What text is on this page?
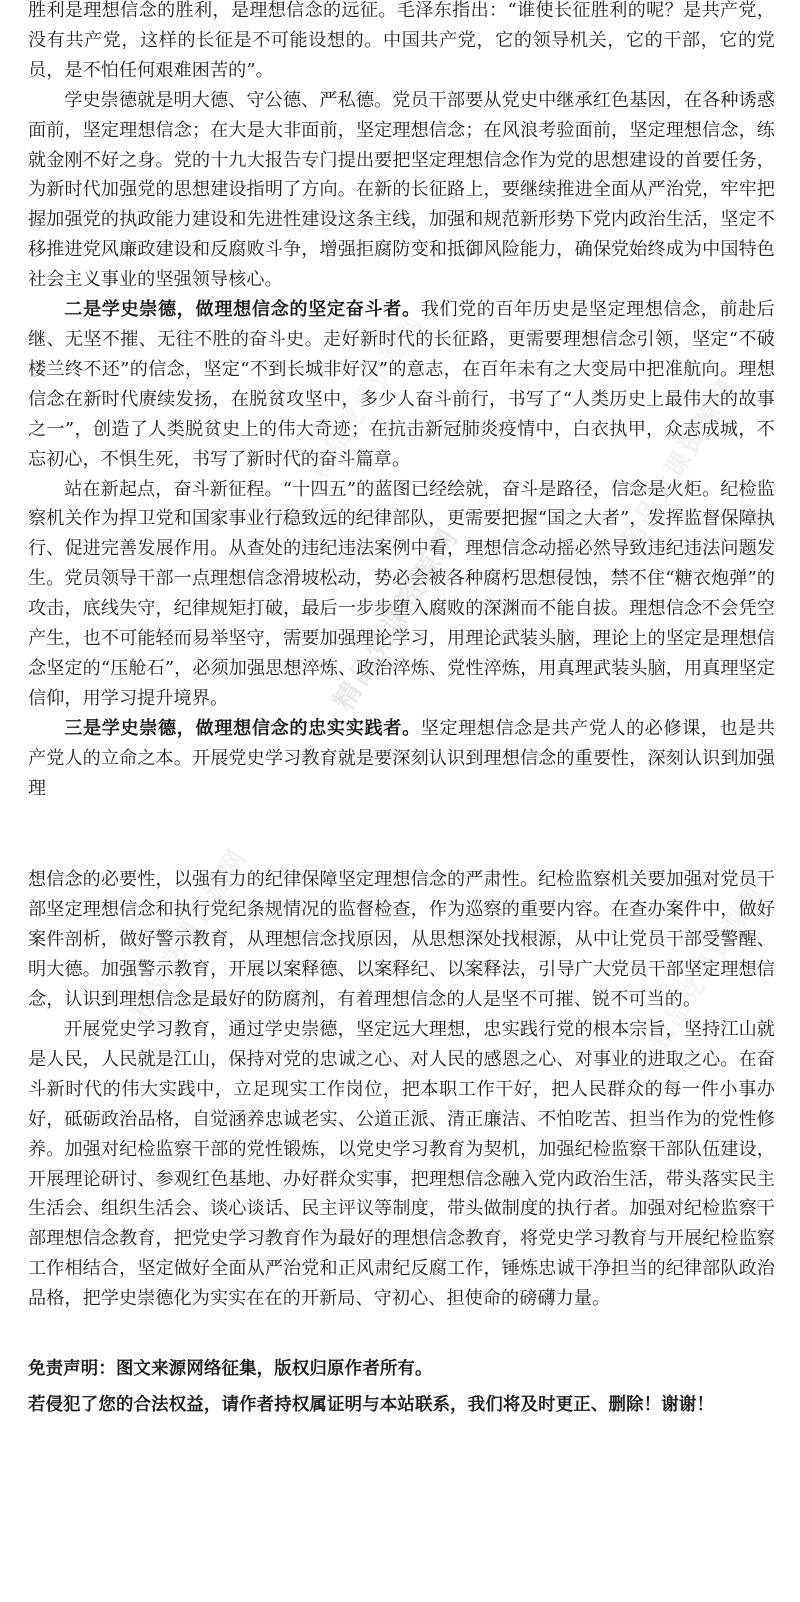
精品党课资源网
精品党课资源网
精品党课资源网

胜利是理想信念的胜利，是理想信念的远征。毛泽东指出：“谁使长征胜利的呢？是共产党，没有共产党，这样的长征是不可能设想的。中国共产党，它的领导机关，它的干部，它的党员，是不怕任何艰难困苦的”。

学史崇德就是明大德、守公德、严私德。党员干部要从党史中继承红色基因，在各种诱惑面前，坚定理想信念；在大是大非面前，坚定理想信念；在风浪考验面前，坚定理想信念，练就金刚不好之身。党的十九大报告专门提出要把坚定理想信念作为党的思想建设的首要任务，为新时代加强党的思想建设指明了方向。在新的长征路上，要继续推进全面从严治党，牢牢把握加强党的执政能力建设和先进性建设这条主线，加强和规范新形势下党内政治生活，坚定不移推进党风廉政建设和反腐败斗争，增强拒腐防变和抵御风险能力，确保党始终成为中国特色社会主义事业的坚强领导核心。

二是学史崇德，做理想信念的坚定奋斗者。我们党的百年历史是坚定理想信念，前赴后继、无坚不摧、无往不胜的奋斗史。走好新时代的长征路，更需要理想信念引领，坚定“不破楼兰终不还”的信念，坚定“不到长城非好汉”的意志，在百年未有之大变局中把准航向。理想信念在新时代赓续发扬，在脱贫攻坚中，多少人奋斗前行，书写了“人类历史上最伟大的故事之一”，创造了人类脱贫史上的伟大奇迹；在抗击新冠肺炎疫情中，白衣执甲，众志成城，不忘初心，不惧生死，书写了新时代的奋斗篇章。

站在新起点，奋斗新征程。“十四五”的蓝图已经绘就，奋斗是路径，信念是火炬。纪检监察机关作为捍卫党和国家事业行稳致远的纪律部队，更需要把握“国之大者”，发挥监督保障执行、促进完善发展作用。从查处的违纪违法案例中看，理想信念动摇必然导致违纪违法问题发生。党员领导干部一点理想信念滑坡松动，势必会被各种腐朽思想侵蚀，禁不住“糖衣炮弹”的攻击，底线失守，纪律规矩打破，最后一步步堕入腐败的深渊而不能自拔。理想信念不会凭空产生，也不可能轻而易举坚守，需要加强理论学习，用理论武装头脑，理论上的坚定是理想信念坚定的“压舱石”，必须加强思想淬炼、政治淬炼、党性淬炼，用真理武装头脑，用真理坚定信仰，用学习提升境界。

三是学史崇德，做理想信念的忠实实践者。坚定理想信念是共产党人的必修课，也是共产党人的立命之本。开展党史学习教育就是要深刻认识到理想信念的重要性，深刻认识到加强理

想信念的必要性，以强有力的纪律保障坚定理想信念的严肃性。纪检监察机关要加强对党员干部坚定理想信念和执行党纪条规情况的监督检查，作为巡察的重要内容。在查办案件中，做好案件剖析，做好警示教育，从理想信念找原因，从思想深处找根源，从中让党员干部受警醒、明大德。加强警示教育，开展以案释德、以案释纪、以案释法，引导广大党员干部坚定理想信念，认识到理想信念是最好的防腐剂，有着理想信念的人是坚不可摧、锐不可当的。

开展党史学习教育，通过学史崇德，坚定远大理想，忠实践行党的根本宗旨，坚持江山就是人民，人民就是江山，保持对党的忠诚之心、对人民的感恩之心、对事业的进取之心。在奋斗新时代的伟大实践中，立足现实工作岗位，把本职工作干好，把人民群众的每一件小事办好，砥砺政治品格，自觉涵养忠诚老实、公道正派、清正廉洁、不怕吃苦、担当作为的党性修养。加强对纪检监察干部的党性锻炼，以党史学习教育为契机，加强纪检监察干部队伍建设，开展理论研讨、参观红色基地、办好群众实事，把理想信念融入党内政治生活，带头落实民主生活会、组织生活会、谈心谈话、民主评议等制度，带头做制度的执行者。加强对纪检监察干部理想信念教育，把党史学习教育作为最好的理想信念教育，将党史学习教育与开展纪检监察工作相结合，坚定做好全面从严治党和正风肃纪反腐工作，锤炼忠诚干净担当的纪律部队政治品格，把学史崇德化为实实在在的开新局、守初心、担使命的磅礴力量。

免责声明：图文来源网络征集，版权归原作者所有。

若侵犯了您的合法权益，请作者持权属证明与本站联系，我们将及时更正、删除！谢谢！
